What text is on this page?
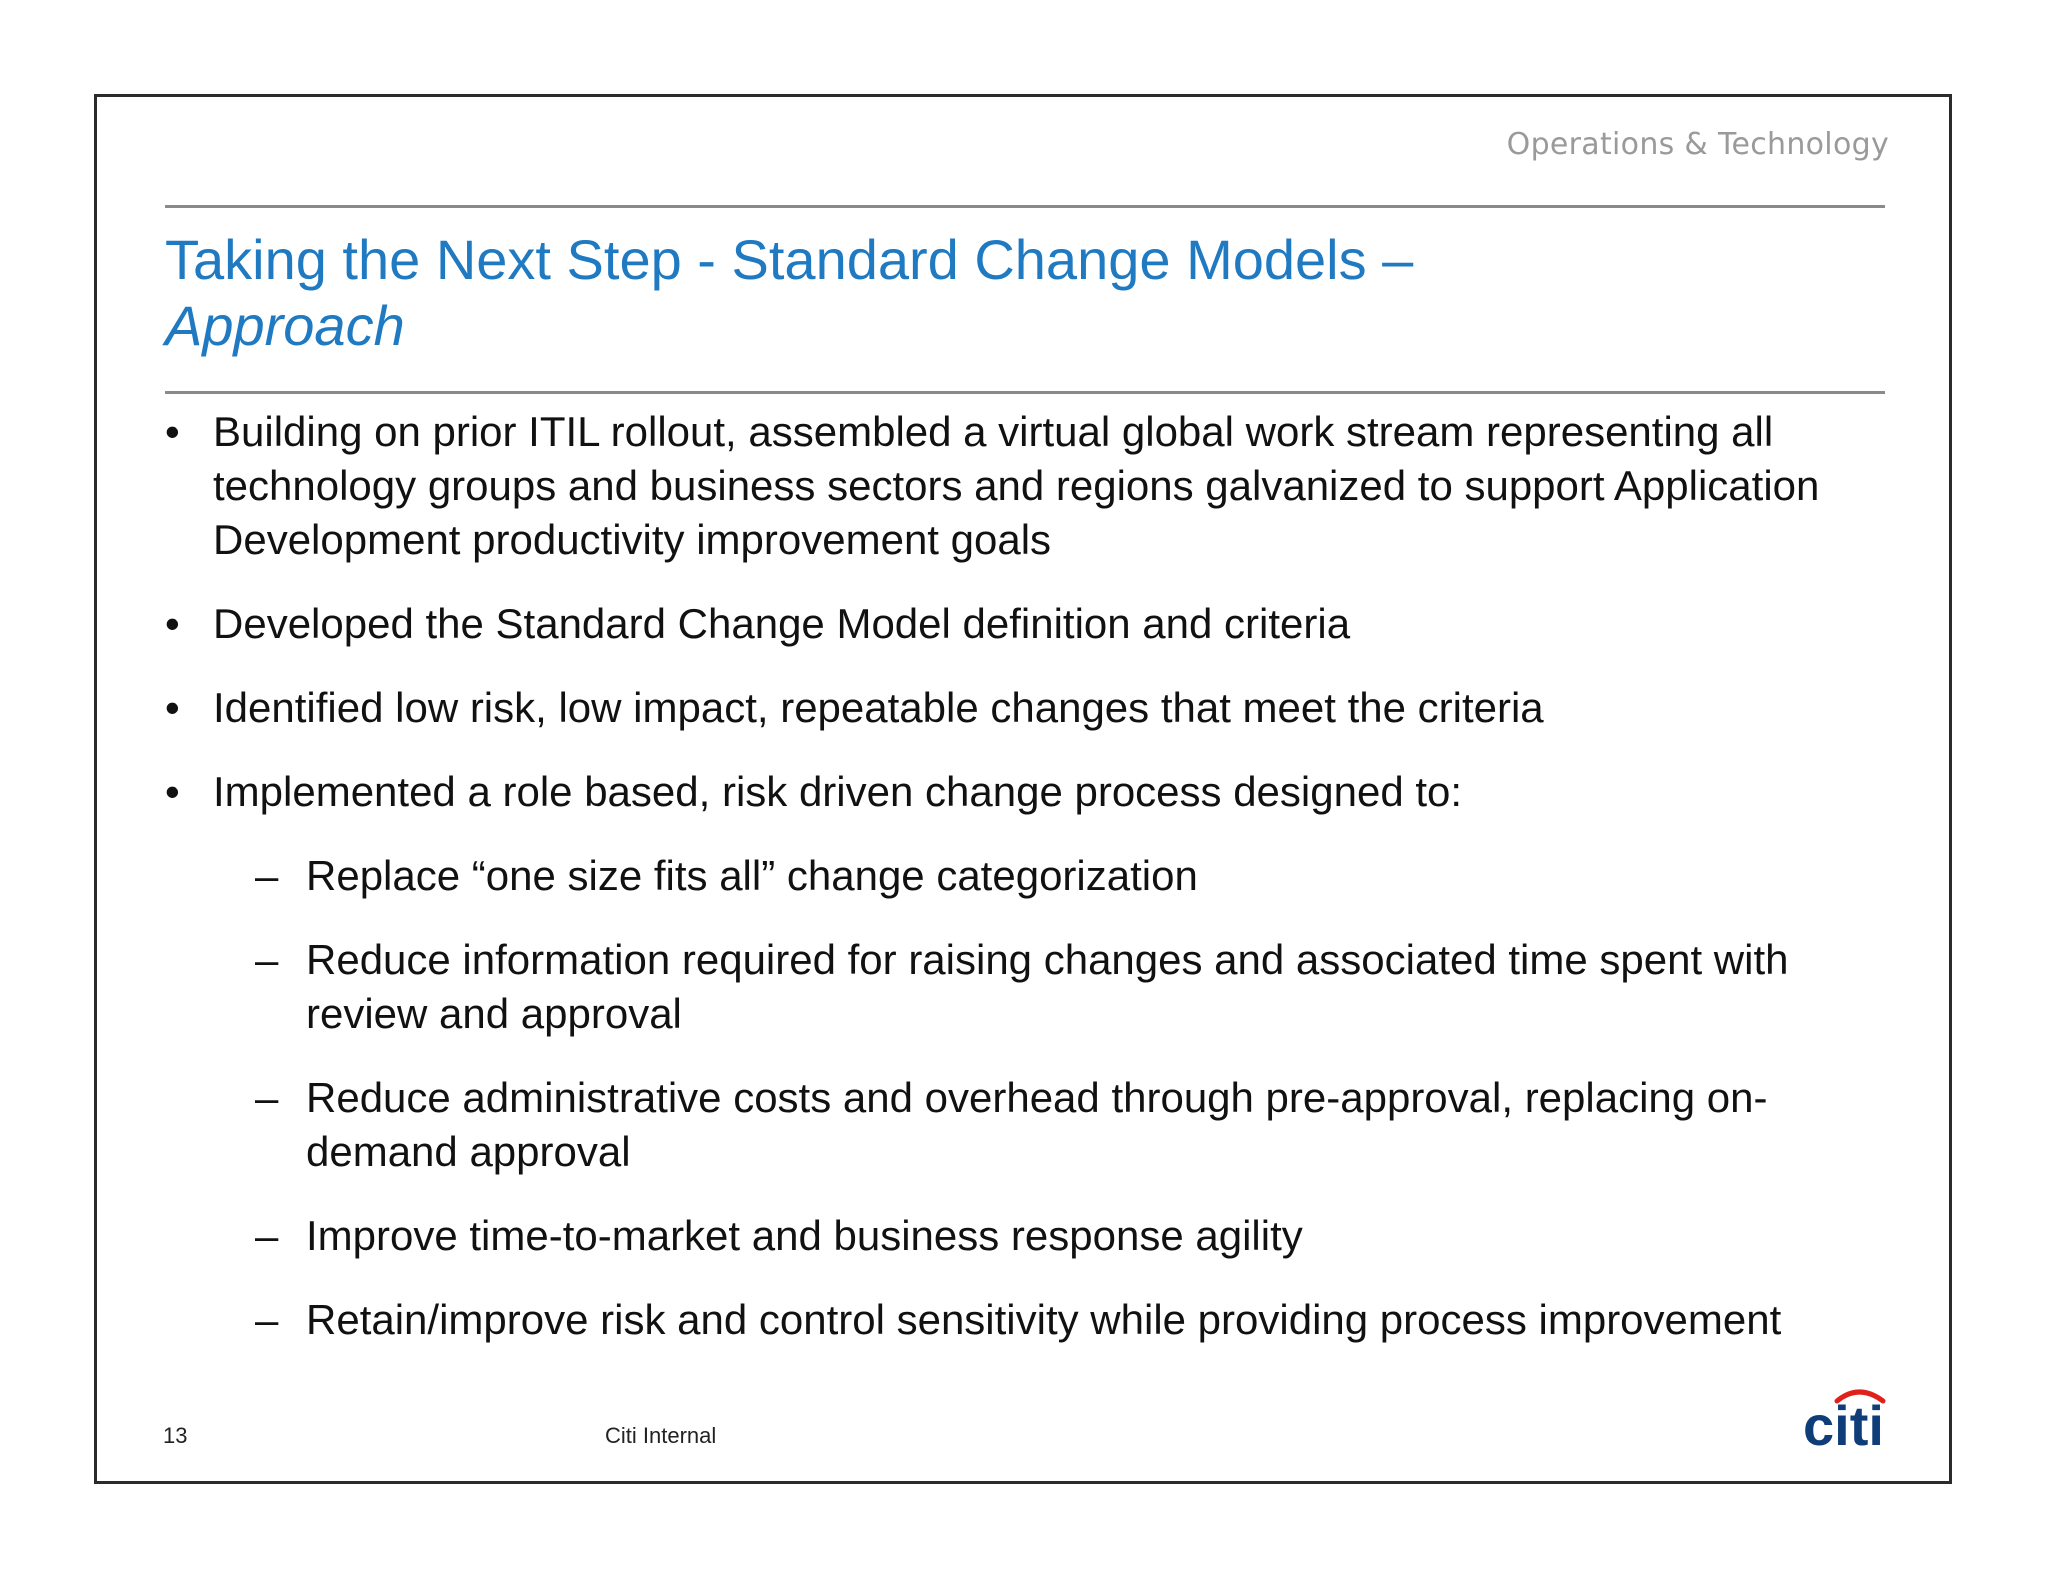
Operations & Technology
Taking the Next Step - Standard Change Models –
Approach
• Building on prior ITIL rollout, assembled a virtual global work stream representing all technology groups and business sectors and regions galvanized to support Application Development productivity improvement goals
• Developed the Standard Change Model definition and criteria
• Identified low risk, low impact, repeatable changes that meet the criteria
• Implemented a role based, risk driven change process designed to:
– Replace “one size fits all” change categorization
– Reduce information required for raising changes and associated time spent with review and approval
– Reduce administrative costs and overhead through pre-approval, replacing on-demand approval
– Improve time-to-market and business response agility
– Retain/improve risk and control sensitivity while providing process improvement
13	Citi Internal	citi
